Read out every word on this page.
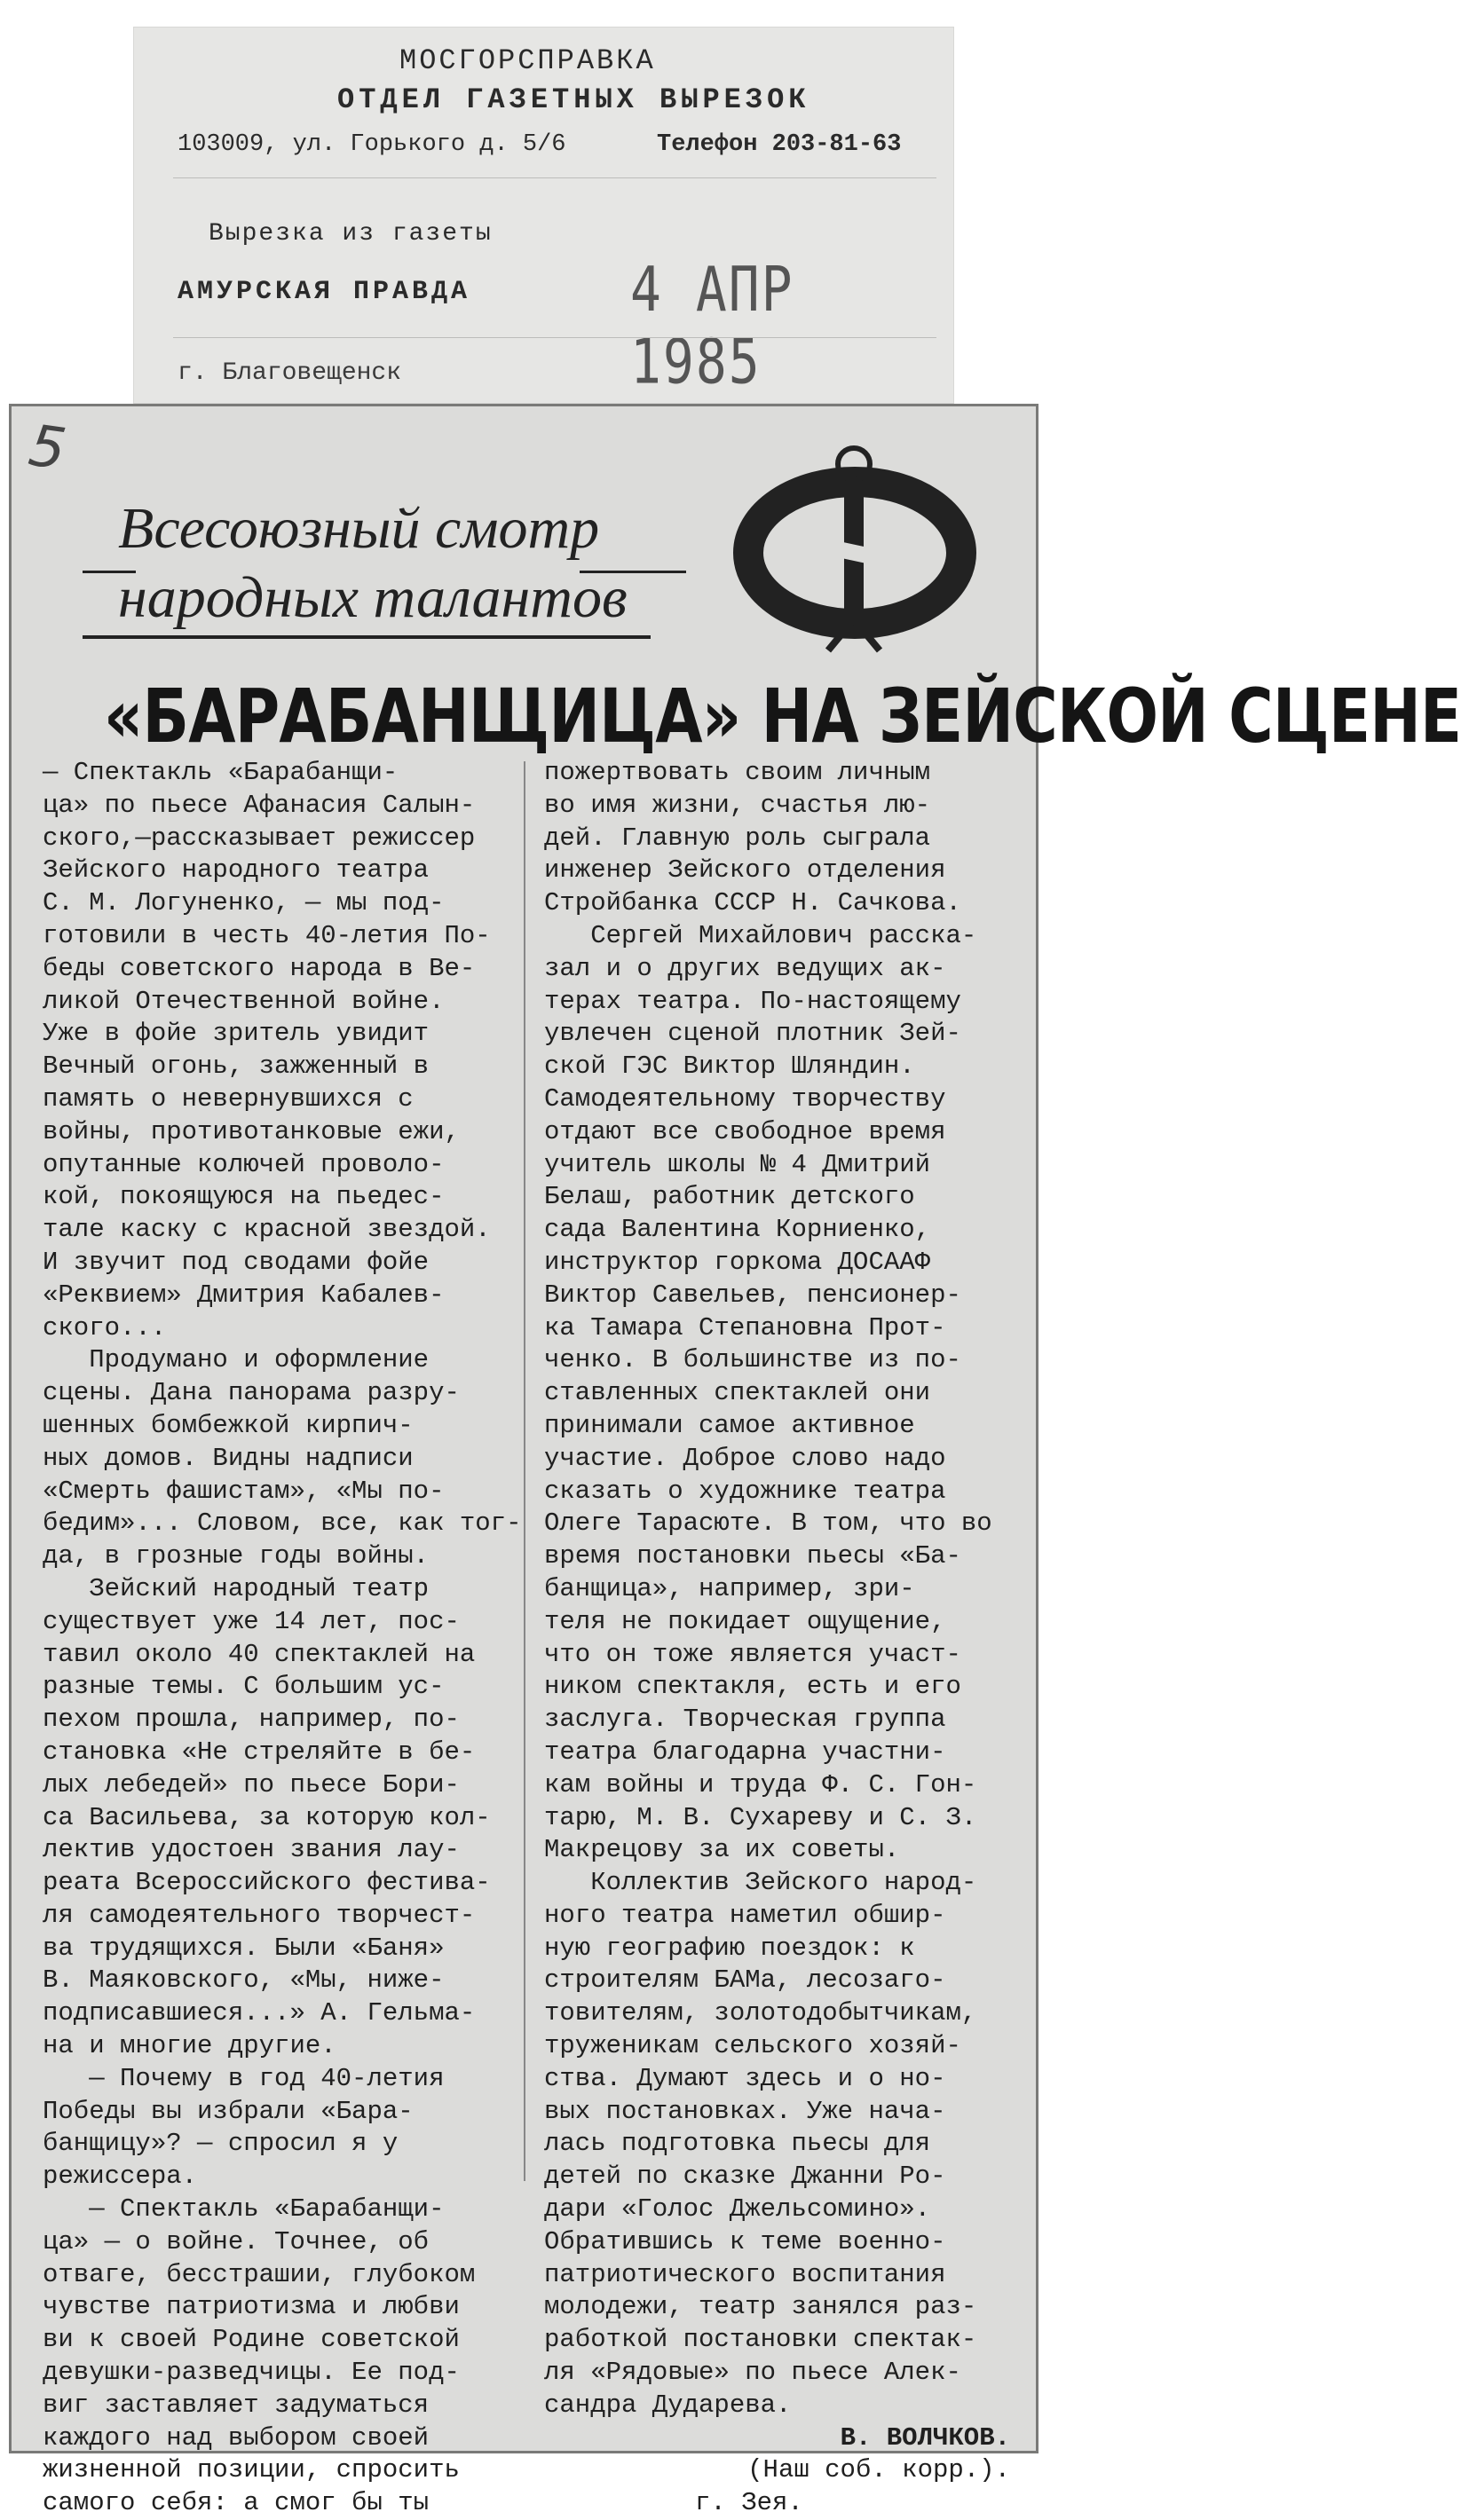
МОСГОРСПРАВКА
ОТДЕЛ ГАЗЕТНЫХ ВЫРЕЗОК
103009, ул. Горького д. 5/6	Телефон 203-81-63
Вырезка из газеты
АМУРСКАЯ ПРАВДА	4 АПР 1985
г. Благовещенск
5
Всесоюзный смотр
народных талантов
«БАРАБАНЩИЦА» НА ЗЕЙСКОЙ СЦЕНЕ
— Спектакль «Барабанщи-
ца» по пьесе Афанасия Салын-
ского,—рассказывает режиссер
Зейского народного театра
С. М. Логуненко, — мы под-
готовили в честь 40-летия По-
беды советского народа в Ве-
ликой Отечественной войне.
Уже в фойе зритель увидит
Вечный огонь, зажженный в
память о невернувшихся с
войны, противотанковые ежи,
опутанные колючей проволо-
кой, покоящуюся на пьедес-
тале каску с красной звездой.
И звучит под сводами фойе
«Реквием» Дмитрия Кабалев-
ского...
Продумано и оформление
сцены. Дана панорама разру-
шенных бомбежкой кирпич-
ных домов. Видны надписи
«Смерть фашистам», «Мы по-
бедим»... Словом, все, как тог-
да, в грозные годы войны.
Зейский народный театр
существует уже 14 лет, пос-
тавил около 40 спектаклей на
разные темы. С большим ус-
пехом прошла, например, по-
становка «Не стреляйте в бе-
лых лебедей» по пьесе Бори-
са Васильева, за которую кол-
лектив удостоен звания лау-
реата Всероссийского фестива-
ля самодеятельного творчест-
ва трудящихся. Были «Баня»
В. Маяковского, «Мы, ниже-
подписавшиеся...» А. Гельма-
на и многие другие.
— Почему в год 40-летия
Победы вы избрали «Бара-
банщицу»? — спросил я у
режиссера.
— Спектакль «Барабанщи-
ца» — о войне. Точнее, об
отваге, бесстрашии, глубоком
чувстве патриотизма и любви
ви к своей Родине советской
девушки-разведчицы. Ее под-
виг заставляет задуматься
каждого над выбором своей
жизненной позиции, спросить
самого себя: а смог бы ты
пожертвовать своим личным
во имя жизни, счастья лю-
дей. Главную роль сыграла
инженер Зейского отделения
Стройбанка СССР Н. Сачкова.
Сергей Михайлович расска-
зал и о других ведущих ак-
терах театра. По-настоящему
увлечен сценой плотник Зей-
ской ГЭС Виктор Шляндин.
Самодеятельному творчеству
отдают все свободное время
учитель школы № 4 Дмитрий
Белаш, работник детского
сада Валентина Корниенко,
инструктор горкома ДОСААФ
Виктор Савельев, пенсионер-
ка Тамара Степановна Прот-
ченко. В большинстве из по-
ставленных спектаклей они
принимали самое активное
участие. Доброе слово надо
сказать о художнике театра
Олеге Тарасюте. В том, что во
время постановки пьесы «Ба-
банщица», например, зри-
теля не покидает ощущение,
что он тоже является участ-
ником спектакля, есть и его
заслуга. Творческая группа
театра благодарна участни-
кам войны и труда Ф. С. Гон-
тарю, М. В. Сухареву и С. З.
Макрецову за их советы.
Коллектив Зейского народ-
ного театра наметил обшир-
ную географию поездок: к
строителям БАМа, лесозаго-
товителям, золотодобытчикам,
труженикам сельского хозяй-
ства. Думают здесь и о но-
вых постановках. Уже нача-
лась подготовка пьесы для
детей по сказке Джанни Ро-
дари «Голос Джельсомино».
Обратившись к теме военно-
патриотического воспитания
молодежи, театр занялся раз-
работкой постановки спектак-
ля «Рядовые» по пьесе Алек-
сандра Дударева.
В. ВОЛЧКОВ.
(Наш соб. корр.).
г. Зея.
